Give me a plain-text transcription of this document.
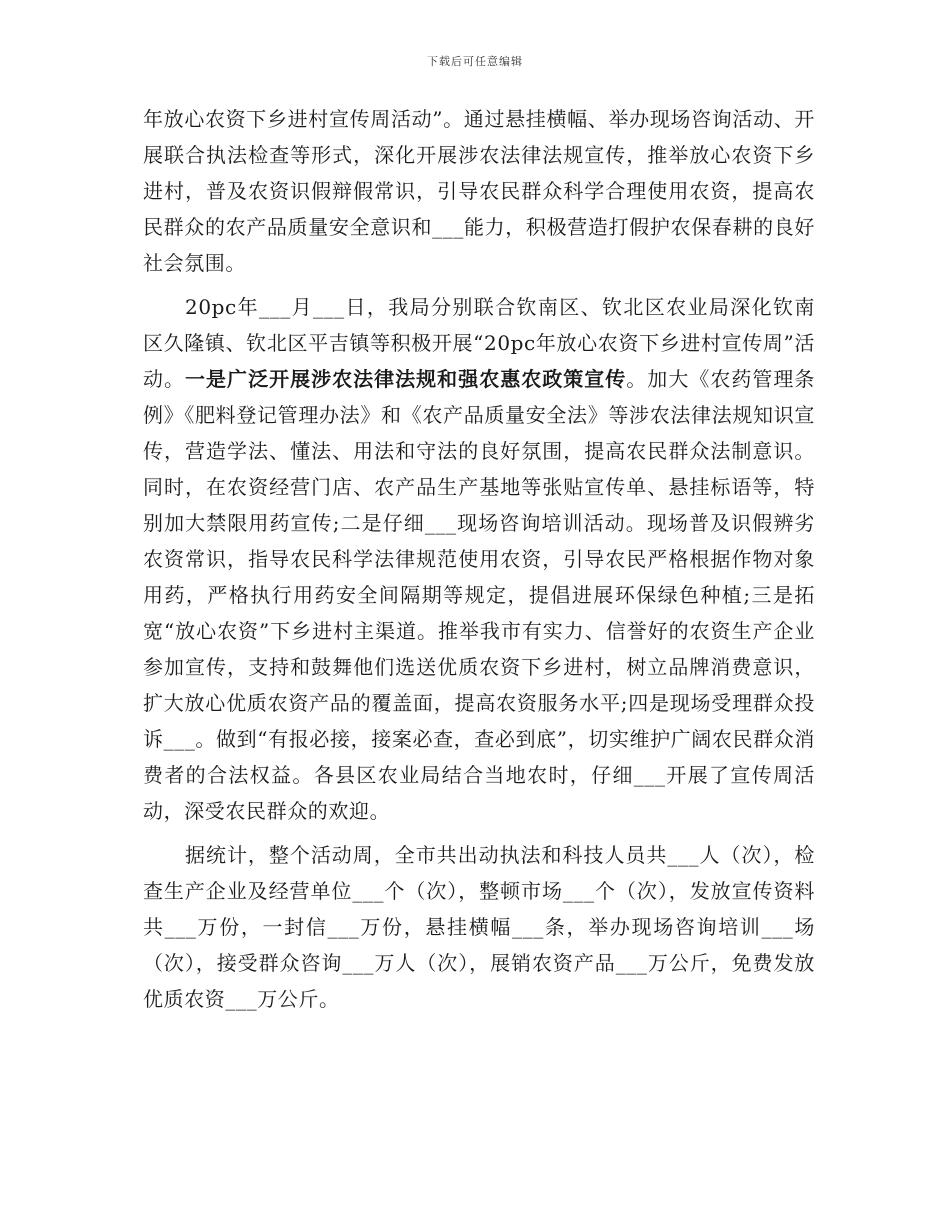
下载后可任意编辑

年放心农资下乡进村宣传周活动”。通过悬挂横幅、举办现场咨询活动、开展联合执法检查等形式，深化开展涉农法律法规宣传，推举放心农资下乡进村，普及农资识假辩假常识，引导农民群众科学合理使用农资，提高农民群众的农产品质量安全意识和___能力，积极营造打假护农保春耕的良好社会氛围。

20pc年___月___日，我局分别联合钦南区、钦北区农业局深化钦南区久隆镇、钦北区平吉镇等积极开展“20pc年放心农资下乡进村宣传周”活动。一是广泛开展涉农法律法规和强农惠农政策宣传。加大《农药管理条例》《肥料登记管理办法》和《农产品质量安全法》等涉农法律法规知识宣传，营造学法、懂法、用法和守法的良好氛围，提高农民群众法制意识。同时，在农资经营门店、农产品生产基地等张贴宣传单、悬挂标语等，特别加大禁限用药宣传;二是仔细___现场咨询培训活动。现场普及识假辨劣农资常识，指导农民科学法律规范使用农资，引导农民严格根据作物对象用药，严格执行用药安全间隔期等规定，提倡进展环保绿色种植;三是拓宽“放心农资”下乡进村主渠道。推举我市有实力、信誉好的农资生产企业参加宣传，支持和鼓舞他们选送优质农资下乡进村，树立品牌消费意识，扩大放心优质农资产品的覆盖面，提高农资服务水平;四是现场受理群众投诉___。做到“有报必接，接案必查，查必到底”，切实维护广阔农民群众消费者的合法权益。各县区农业局结合当地农时，仔细___开展了宣传周活动，深受农民群众的欢迎。

据统计，整个活动周，全市共出动执法和科技人员共___人（次），检查生产企业及经营单位___个（次），整顿市场___个（次），发放宣传资料共___万份，一封信___万份，悬挂横幅___条，举办现场咨询培训___场（次），接受群众咨询___万人（次），展销农资产品___万公斤，免费发放优质农资___万公斤。
